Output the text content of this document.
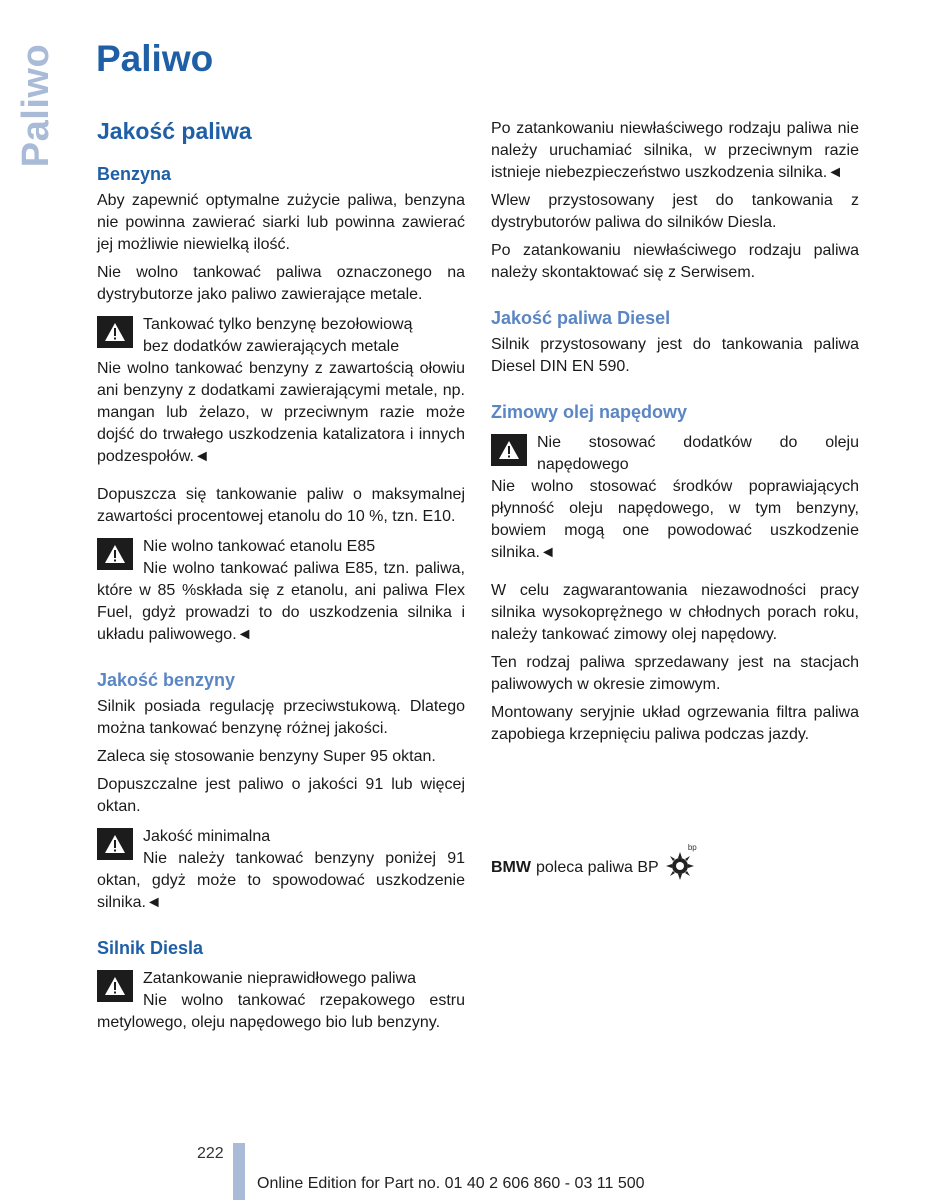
Paliwo Paliwo
Jakość paliwa
Benzyna

Aby zapewnić optymalne zużycie paliwa, benzyna nie powinna zawierać siarki lub powinna zawierać jej możliwie niewielką ilość.

Nie wolno tankować paliwa oznaczonego na dystrybutorze jako paliwo zawierające metale.

Tankować tylko benzynę bezołowiową
bez dodatków zawierających metale

Nie wolno tankować benzyny z zawartością ołowiu ani benzyny z dodatkami zawierającymi metale, np. mangan lub żelazo, w przeciwnym razie może dojść do trwałego uszkodzenia katalizatora i innych podzespołów.◄

Dopuszcza się tankowanie paliw o maksymalnej zawartości procentowej etanolu do 10 %, tzn. E10.

Nie wolno tankować etanolu E85

Nie wolno tankować paliwa E85, tzn. paliwa, które w 85 %składa się z etanolu, ani paliwa Flex Fuel, gdyż prowadzi to do uszkodzenia silnika i układu paliwowego.◄

Jakość benzyny

Silnik posiada regulację przeciwstukową. Dlatego można tankować benzynę różnej jakości.

Zaleca się stosowanie benzyny Super 95 oktan.

Dopuszczalne jest paliwo o jakości 91 lub więcej oktan.

Jakość minimalna

Nie należy tankować benzyny poniżej 91 oktan, gdyż może to spowodować uszkodzenie silnika.◄

Silnik Diesla
Zatankowanie nieprawidłowego paliwa

Nie wolno tankować rzepakowego estru metylowego, oleju napędowego bio lub benzyny.

Po zatankowaniu niewłaściwego rodzaju paliwa nie należy uruchamiać silnika, w przeciwnym razie istnieje niebezpieczeństwo uszkodzenia silnika.◄

Wlew przystosowany jest do tankowania z dystrybutorów paliwa do silników Diesla.

Po zatankowaniu niewłaściwego rodzaju paliwa należy skontaktować się z Serwisem.

Jakość paliwa Diesel

Silnik przystosowany jest do tankowania paliwa Diesel DIN EN 590.

Zimowy olej napędowy

Nie stosować dodatków do oleju napędowego

Nie wolno stosować środków poprawiających płynność oleju napędowego, w tym benzyny, bowiem mogą one powodować uszkodzenie silnika.◄

W celu zagwarantowania niezawodności pracy silnika wysokoprężnego w chłodnych porach roku, należy tankować zimowy olej napędowy.

Ten rodzaj paliwa sprzedawany jest na stacjach paliwowych w okresie zimowym.

Montowany seryjnie układ ogrzewania filtra paliwa zapobiega krzepnięciu paliwa podczas jazdy.

BMW poleca paliwa BP
bp
222
Online Edition for Part no. 01 40 2 606 860 - 03 11 500
